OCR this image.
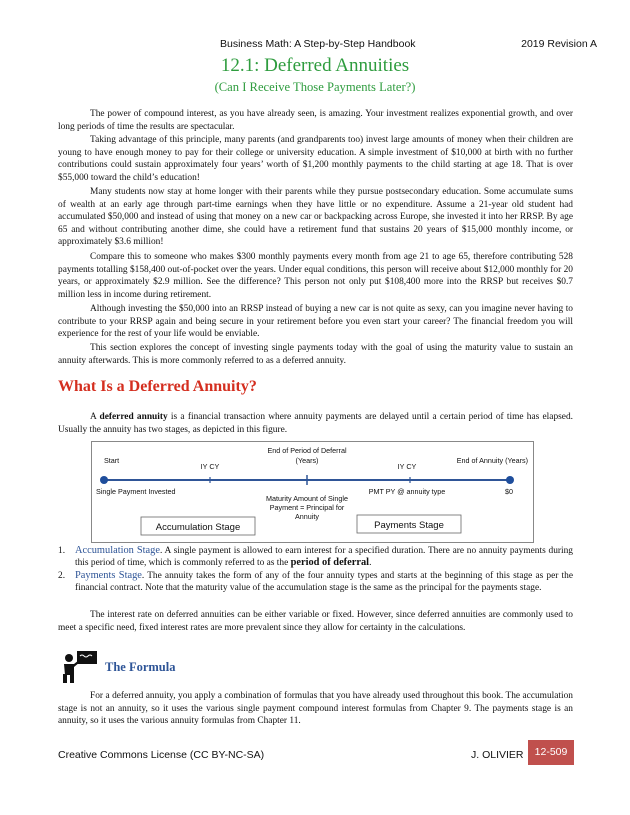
Business Math: A Step-by-Step Handbook	2019 Revision A
12.1: Deferred Annuities
(Can I Receive Those Payments Later?)

The power of compound interest, as you have already seen, is amazing. Your investment realizes exponential growth, and over long periods of time the results are spectacular.

Taking advantage of this principle, many parents (and grandparents too) invest large amounts of money when their children are young to have enough money to pay for their college or university education. A simple investment of $10,000 at birth with no further contributions could sustain approximately four years’ worth of $1,200 monthly payments to the child starting at age 18. That is over $55,000 toward the child’s education!

Many students now stay at home longer with their parents while they pursue postsecondary education. Some accumulate sums of wealth at an early age through part-time earnings when they have little or no expenditure. Assume a 21-year old student had accumulated $50,000 and instead of using that money on a new car or backpacking across Europe, she invested it into her RRSP. By age 65 and without contributing another dime, she could have a retirement fund that sustains 20 years of $15,000 monthly income, or approximately $3.6 million!

Compare this to someone who makes $300 monthly payments every month from age 21 to age 65, therefore contributing 528 payments totalling $158,400 out-of-pocket over the years. Under equal conditions, this person will receive about $12,000 monthly for 20 years, or approximately $2.9 million. See the difference? This person not only put $108,400 more into the RRSP but receives $0.7 million less in income during retirement.

Although investing the $50,000 into an RRSP instead of buying a new car is not quite as sexy, can you imagine never having to contribute to your RRSP again and being secure in your retirement before you even start your career? The financial freedom you will experience for the rest of your life would be enviable.

This section explores the concept of investing single payments today with the goal of using the maturity value to sustain an annuity afterwards. This is more commonly referred to as a deferred annuity.

What Is a Deferred Annuity?

A deferred annuity is a financial transaction where annuity payments are delayed until a certain period of time has elapsed. Usually the annuity has two stages, as depicted in this figure.

Start
Single Payment Invested
IY CY
End of Period of Deferral
(Years)
Maturity Amount of Single
Payment = Principal for
Annuity
IY CY
End of Annuity (Years)
PMT PY @ annuity type	$0
Accumulation Stage	Payments Stage
1. Accumulation Stage. A single payment is allowed to earn interest for a specified duration. There are no annuity payments during this period of time, which is commonly referred to as the period of deferral.
2. Payments Stage. The annuity takes the form of any of the four annuity types and starts at the beginning of this stage as per the financial contract. Note that the maturity value of the accumulation stage is the same as the principal for the payments stage.

The interest rate on deferred annuities can be either variable or fixed. However, since deferred annuities are commonly used to meet a specific need, fixed interest rates are more prevalent since they allow for certainty in the calculations.

The Formula

For a deferred annuity, you apply a combination of formulas that you have already used throughout this book. The accumulation stage is not an annuity, so it uses the various single payment compound interest formulas from Chapter 9. The payments stage is an annuity, so it uses the various annuity formulas from Chapter 11.

Creative Commons License (CC BY-NC-SA)	J. OLIVIER	12-509
